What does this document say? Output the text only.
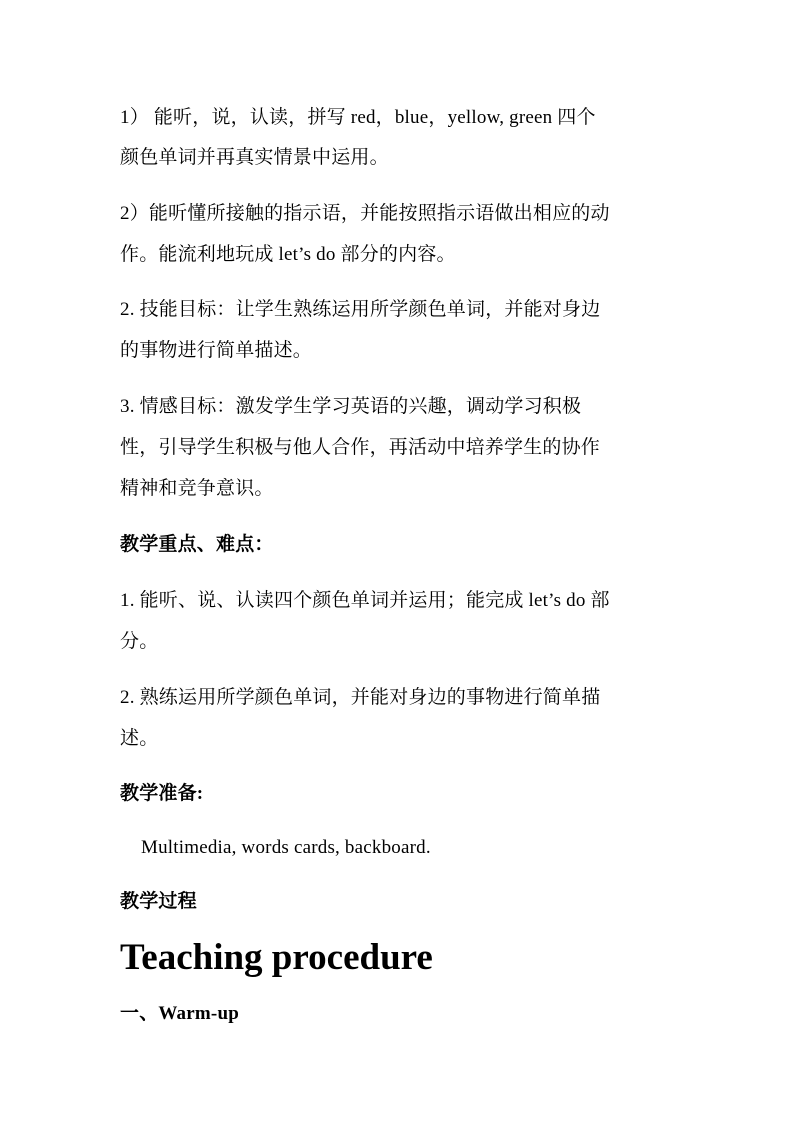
1） 能听，说，认读，拼写 red，blue，yellow, green 四个
颜色单词并再真实情景中运用。
2）能听懂所接触的指示语，并能按照指示语做出相应的动
作。能流利地玩成 let’s do 部分的内容。
2. 技能目标：让学生熟练运用所学颜色单词，并能对身边
的事物进行简单描述。
3. 情感目标：激发学生学习英语的兴趣，调动学习积极
性，引导学生积极与他人合作，再活动中培养学生的协作
精神和竞争意识。
教学重点、难点：
1. 能听、说、认读四个颜色单词并运用；能完成 let’s do 部
分。
2. 熟练运用所学颜色单词，并能对身边的事物进行简单描
述。
教学准备:
Multimedia, words cards, backboard.
教学过程
Teaching procedure
一、Warm-up
